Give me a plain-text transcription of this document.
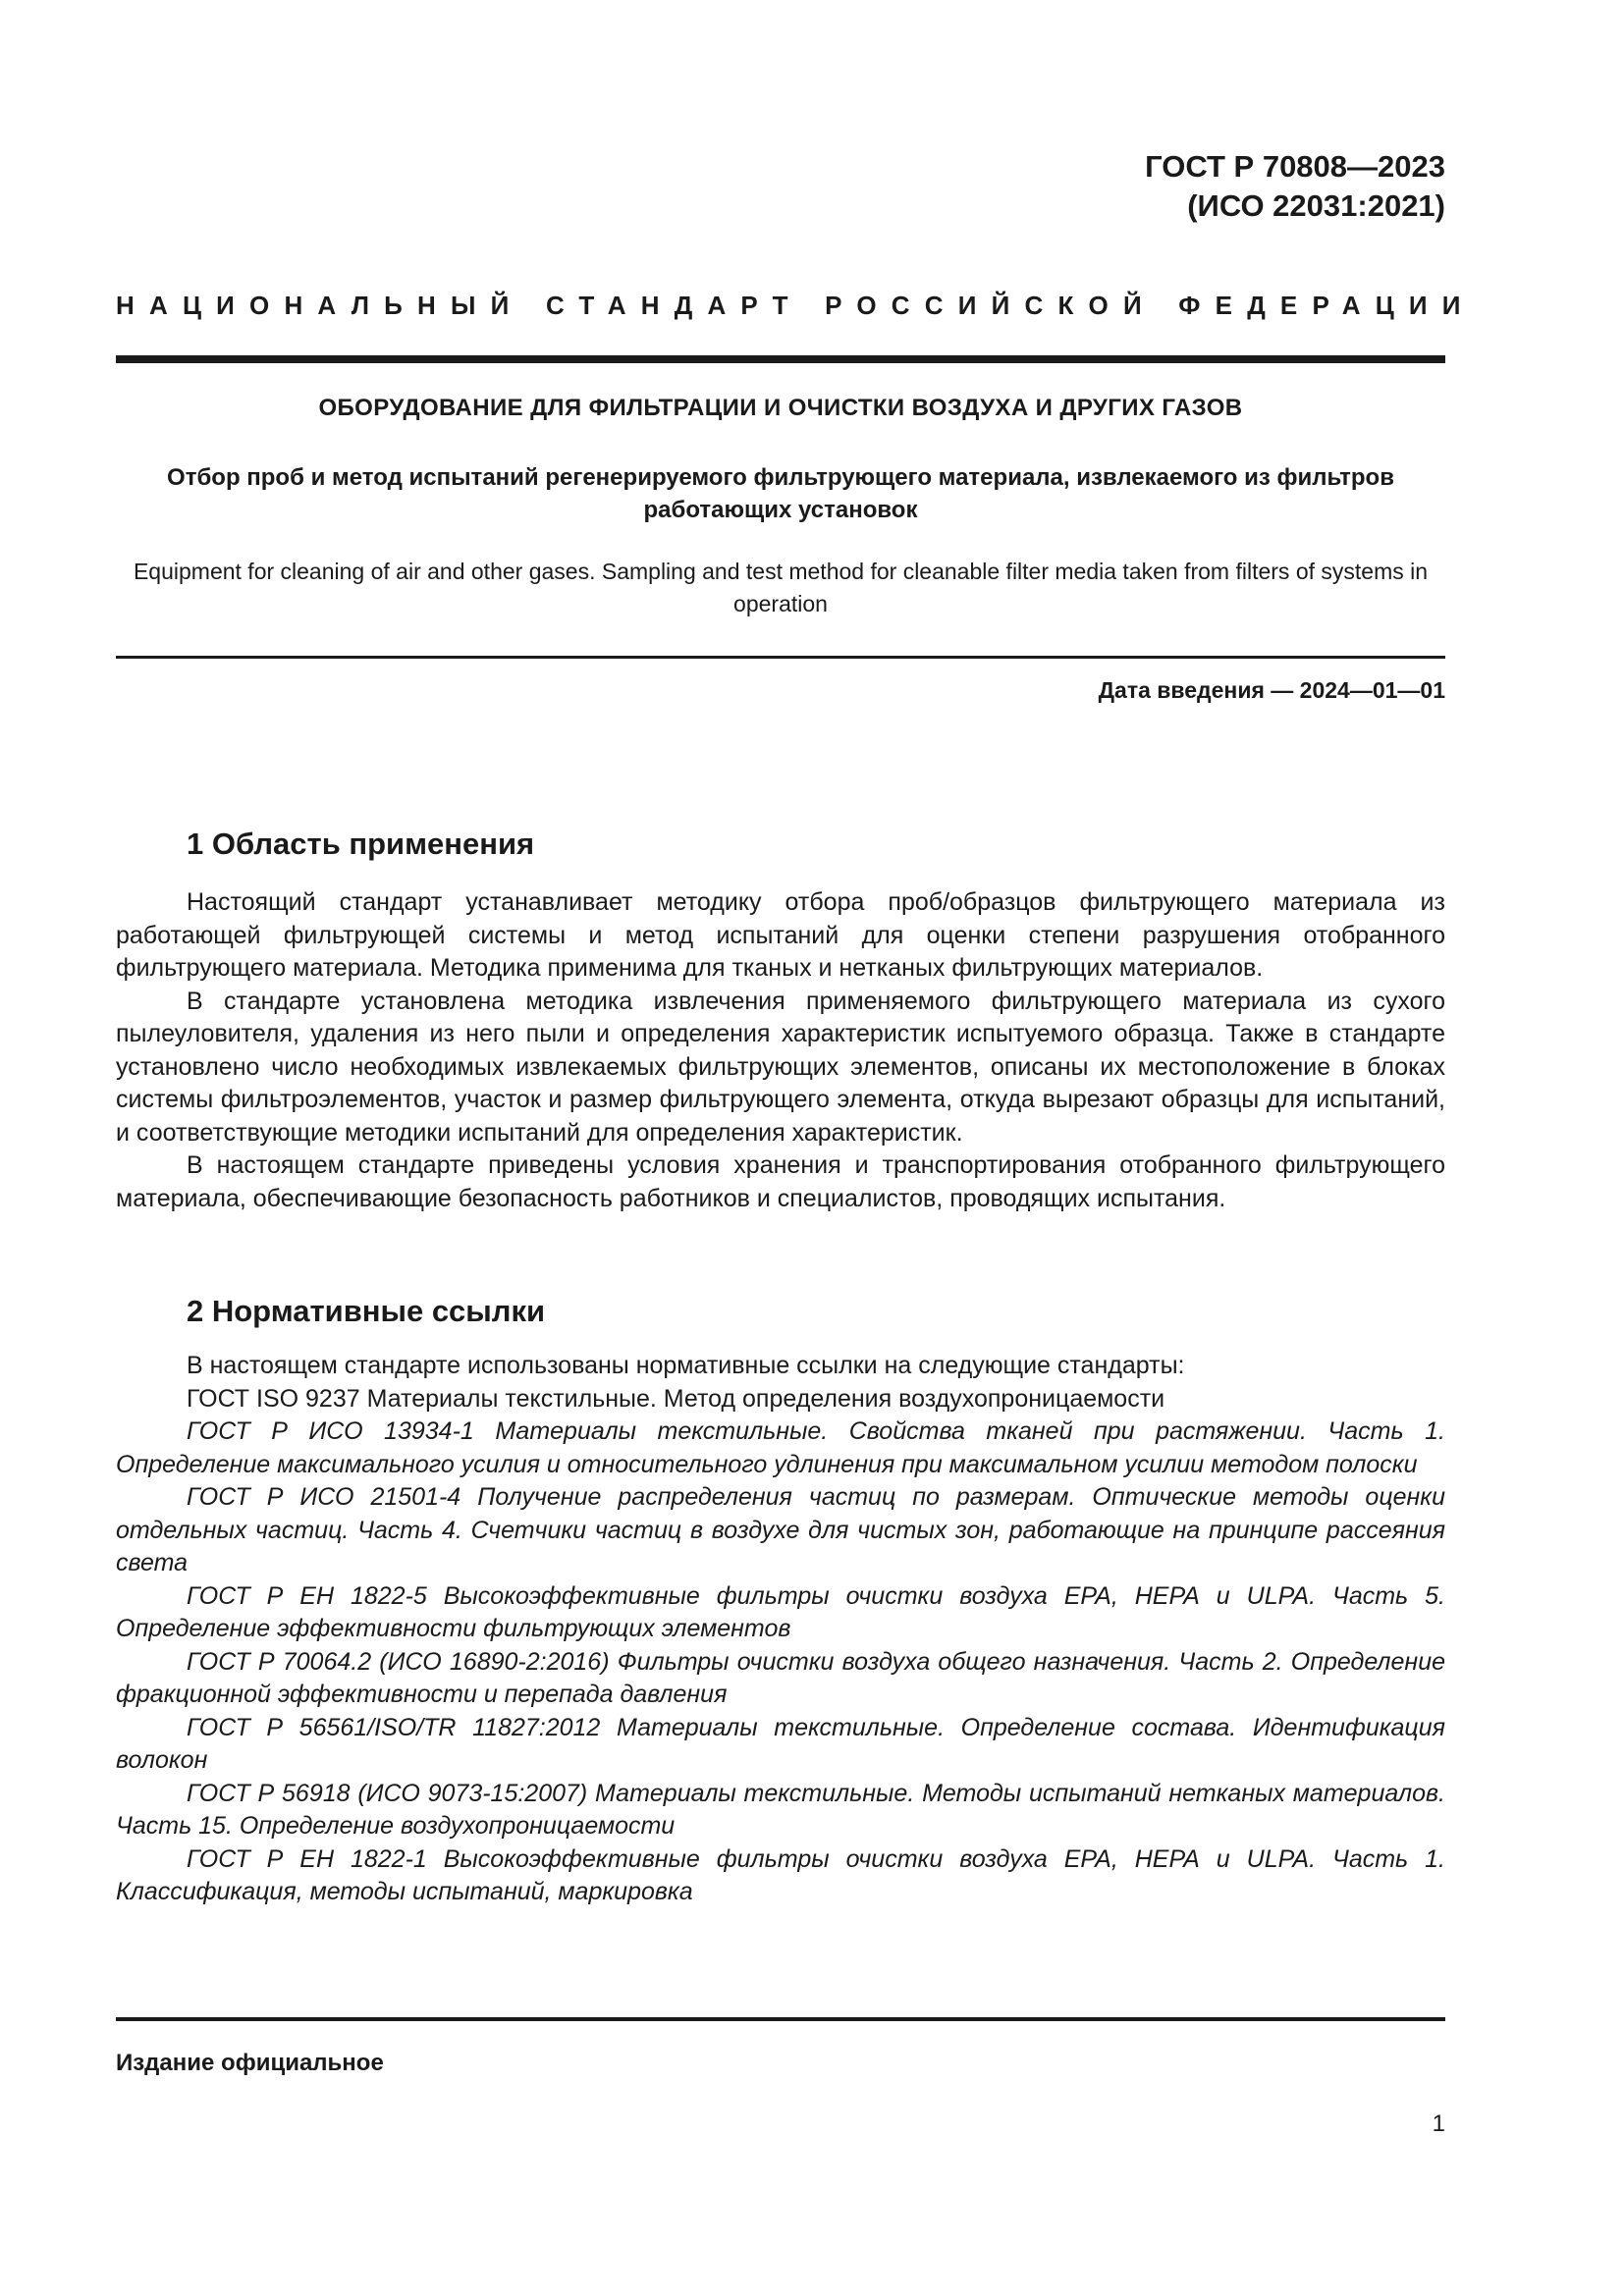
ГОСТ Р 70808—2023
(ИСО 22031:2021)
НАЦИОНАЛЬНЫЙ СТАНДАРТ РОССИЙСКОЙ ФЕДЕРАЦИИ
ОБОРУДОВАНИЕ ДЛЯ ФИЛЬТРАЦИИ И ОЧИСТКИ ВОЗДУХА И ДРУГИХ ГАЗОВ
Отбор проб и метод испытаний регенерируемого фильтрующего материала, извлекаемого из фильтров работающих установок
Equipment for cleaning of air and other gases. Sampling and test method for cleanable filter media taken from filters of systems in operation
Дата введения — 2024—01—01
1 Область применения

Настоящий стандарт устанавливает методику отбора проб/образцов фильтрующего материала из работающей фильтрующей системы и метод испытаний для оценки степени разрушения отобранного фильтрующего материала. Методика применима для тканых и нетканых фильтрующих материалов.

В стандарте установлена методика извлечения применяемого фильтрующего материала из сухого пылеуловителя, удаления из него пыли и определения характеристик испытуемого образца. Также в стандарте установлено число необходимых извлекаемых фильтрующих элементов, описаны их местоположение в блоках системы фильтроэлементов, участок и размер фильтрующего элемента, откуда вырезают образцы для испытаний, и соответствующие методики испытаний для определения характеристик.

В настоящем стандарте приведены условия хранения и транспортирования отобранного фильтрующего материала, обеспечивающие безопасность работников и специалистов, проводящих испытания.

2 Нормативные ссылки

В настоящем стандарте использованы нормативные ссылки на следующие стандарты:

ГОСТ ISO 9237 Материалы текстильные. Метод определения воздухопроницаемости

ГОСТ Р ИСО 13934-1 Материалы текстильные. Свойства тканей при растяжении. Часть 1. Определение максимального усилия и относительного удлинения при максимальном усилии методом полоски

ГОСТ Р ИСО 21501-4 Получение распределения частиц по размерам. Оптические методы оценки отдельных частиц. Часть 4. Счетчики частиц в воздухе для чистых зон, работающие на принципе рассеяния света

ГОСТ Р ЕН 1822-5 Высокоэффективные фильтры очистки воздуха ЕРА, НЕРА и ULPA. Часть 5. Определение эффективности фильтрующих элементов

ГОСТ Р 70064.2 (ИСО 16890-2:2016) Фильтры очистки воздуха общего назначения. Часть 2. Определение фракционной эффективности и перепада давления

ГОСТ Р 56561/ISO/TR 11827:2012 Материалы текстильные. Определение состава. Идентификация волокон

ГОСТ Р 56918 (ИСО 9073-15:2007) Материалы текстильные. Методы испытаний нетканых материалов. Часть 15. Определение воздухопроницаемости

ГОСТ Р ЕН 1822-1 Высокоэффективные фильтры очистки воздуха ЕРА, НЕРА и ULPA. Часть 1. Классификация, методы испытаний, маркировка

Издание официальное
1
